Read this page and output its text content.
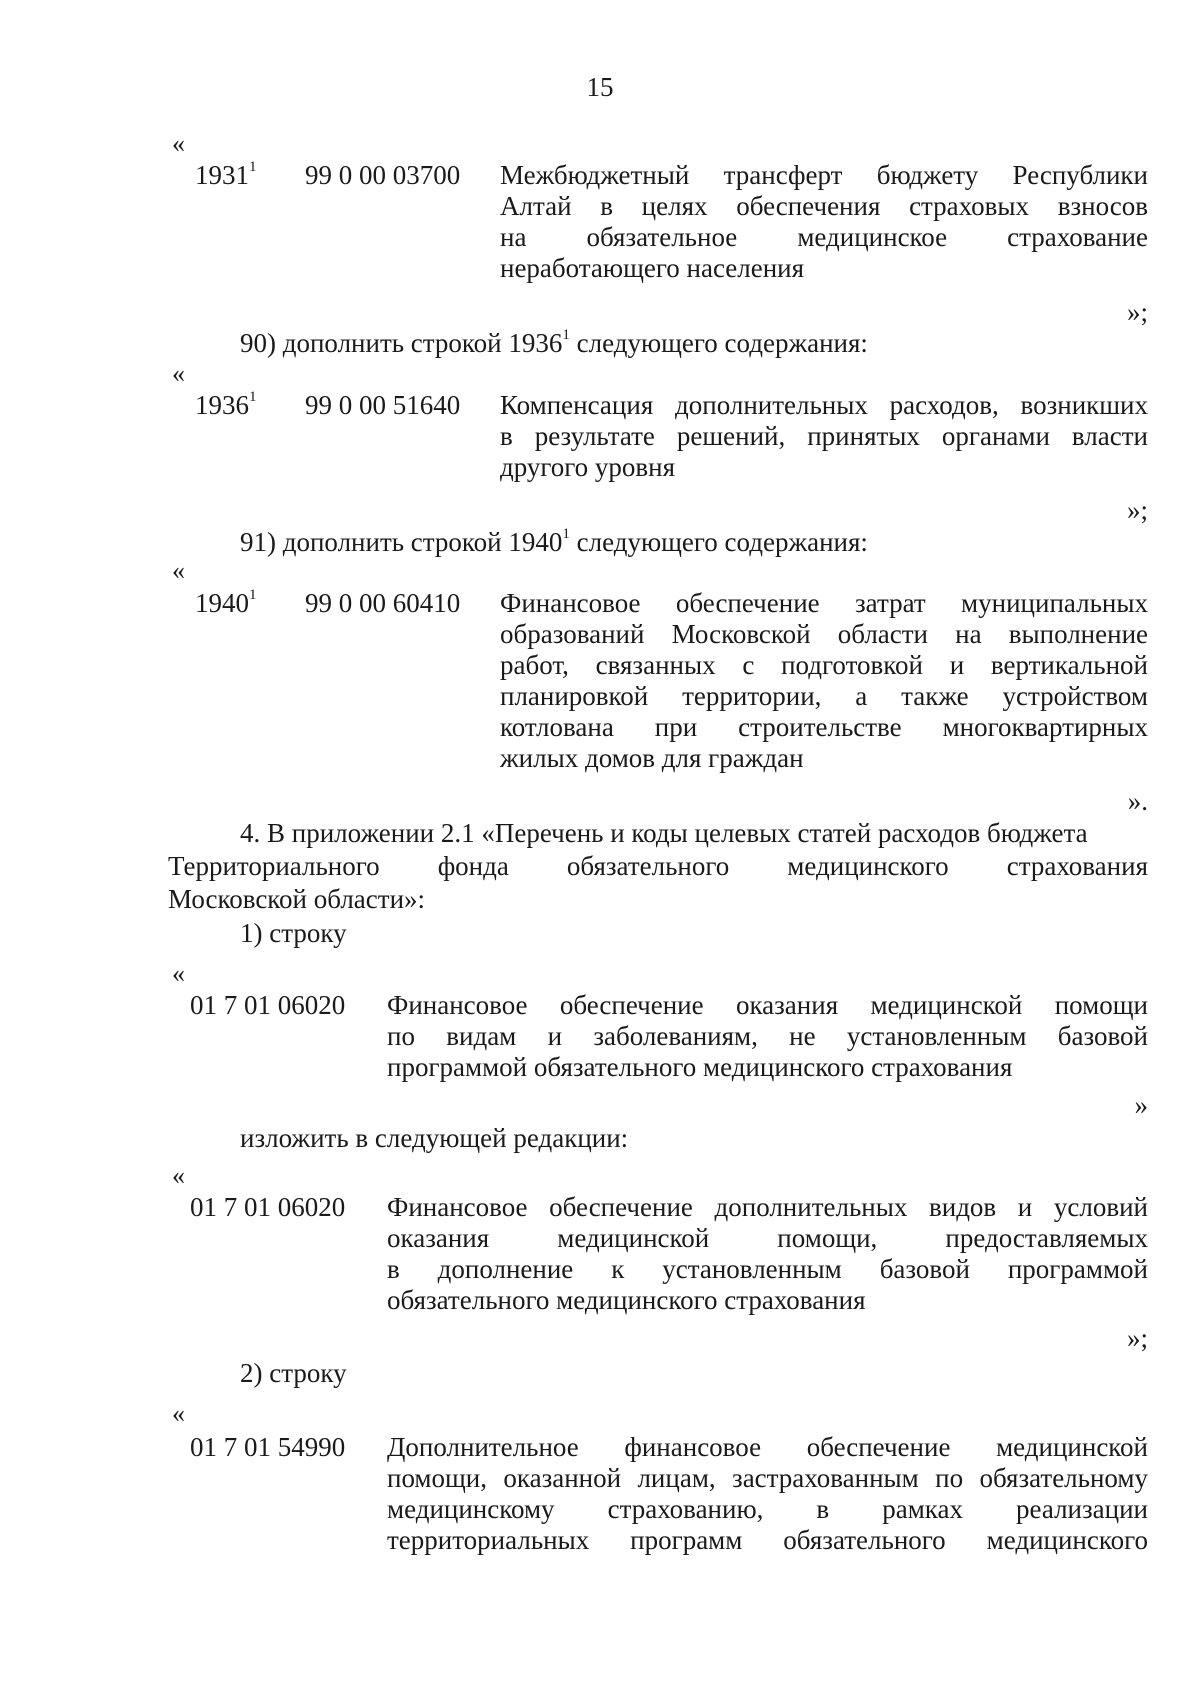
15
«
1931$^1$ 99 0 00 03700 Межбюджетный трансферт бюджету Республики
Алтай в целях обеспечения страховых взносов
на обязательное медицинское страхование
неработающего населения
»;
90) дополнить строкой 1936$^1$ следующего содержания:
«
1936$^1$ 99 0 00 51640 Компенсация дополнительных расходов, возникших
в результате решений, принятых органами власти
другого уровня
»;
91) дополнить строкой 1940$^1$ следующего содержания:
«
1940$^1$ 99 0 00 60410 Финансовое обеспечение затрат муниципальных
образований Московской области на выполнение
работ, связанных с подготовкой и вертикальной
планировкой территории, а также устройством
котлована при строительстве многоквартирных
жилых домов для граждан
».
4. В приложении 2.1 «Перечень и коды целевых статей расходов бюджета
Территориального фонда обязательного медицинского страхования
Московской области»:
1) строку
«
01 7 01 06020 Финансовое обеспечение оказания медицинской помощи
по видам и заболеваниям, не установленным базовой
программой обязательного медицинского страхования
»
изложить в следующей редакции:
«
01 7 01 06020 Финансовое обеспечение дополнительных видов и условий
оказания медицинской помощи, предоставляемых
в дополнение к установленным базовой программой
обязательного медицинского страхования
»;
2) строку
«
01 7 01 54990 Дополнительное финансовое обеспечение медицинской
помощи, оказанной лицам, застрахованным по обязательному
медицинскому страхованию, в рамках реализации
территориальных программ обязательного медицинского
